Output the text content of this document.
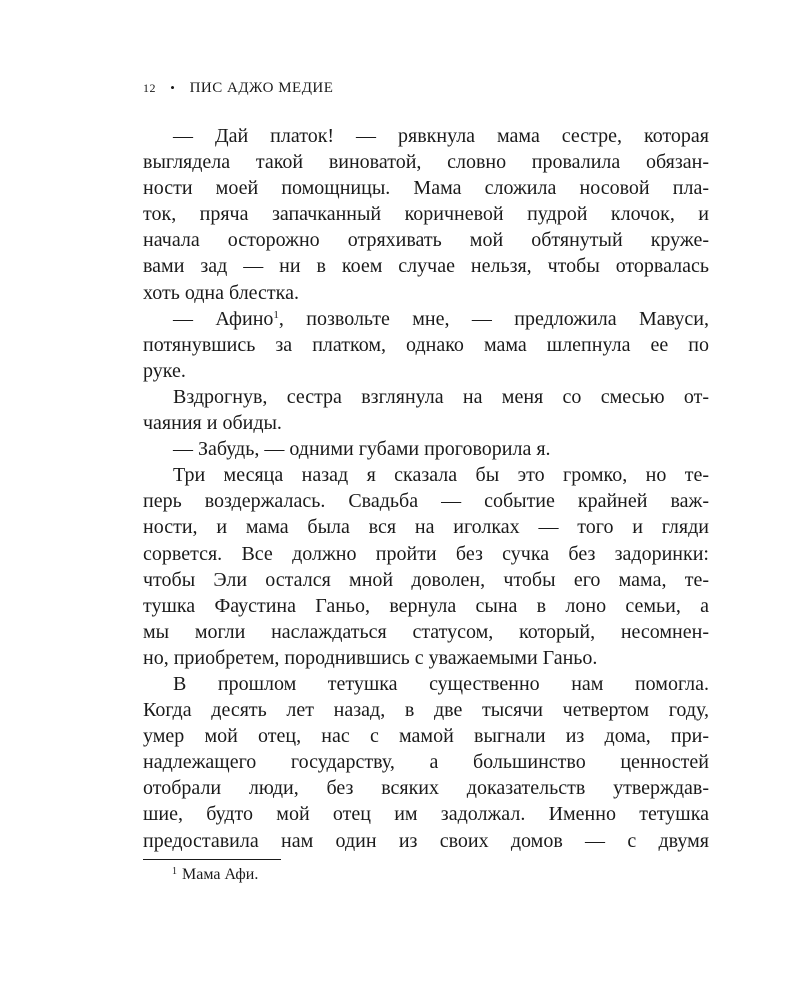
12 • ПИС АДЖО МЕДИЕ
— Дай платок! — рявкнула мама сестре, которая
выглядела такой виноватой, словно провалила обязан-
ности моей помощницы. Мама сложила носовой пла-
ток, пряча запачканный коричневой пудрой клочок, и
начала осторожно отряхивать мой обтянутый круже-
вами зад — ни в коем случае нельзя, чтобы оторвалась
хоть одна блестка.
— Афино$^1$, позвольте мне, — предложила Мавуси,
потянувшись за платком, однако мама шлепнула ее по
руке.
Вздрогнув, сестра взглянула на меня со смесью от-
чаяния и обиды.
— Забудь, — одними губами проговорила я.
Три месяца назад я сказала бы это громко, но те-
перь воздержалась. Свадьба — событие крайней важ-
ности, и мама была вся на иголках — того и гляди
сорвется. Все должно пройти без сучка без задоринки:
чтобы Эли остался мной доволен, чтобы его мама, те-
тушка Фаустина Ганьо, вернула сына в лоно семьи, а
мы могли наслаждаться статусом, который, несомнен-
но, приобретем, породнившись с уважаемыми Ганьо.
В прошлом тетушка существенно нам помогла.
Когда десять лет назад, в две тысячи четвертом году,
умер мой отец, нас с мамой выгнали из дома, при-
надлежащего государству, а большинство ценностей
отобрали люди, без всяких доказательств утверждав-
шие, будто мой отец им задолжал. Именно тетушка
предоставила нам один из своих домов — с двумя
$^1$ Мама Афи.
